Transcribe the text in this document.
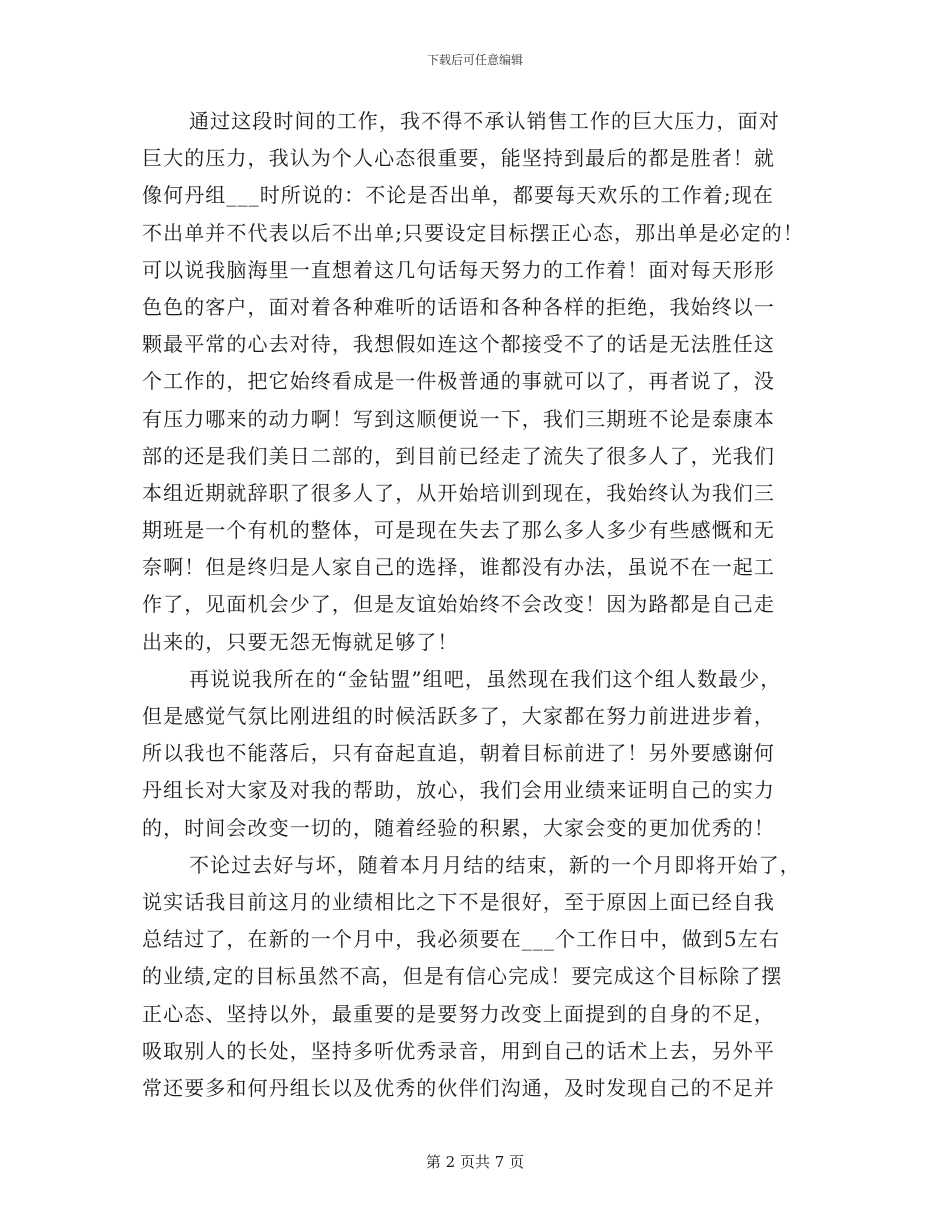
下载后可任意编辑
通过这段时间的工作，我不得不承认销售工作的巨大压力，面对
巨大的压力，我认为个人心态很重要，能坚持到最后的都是胜者！就
像何丹组___时所说的：不论是否出单，都要每天欢乐的工作着;现在
不出单并不代表以后不出单;只要设定目标摆正心态，那出单是必定的！
可以说我脑海里一直想着这几句话每天努力的工作着！面对每天形形
色色的客户，面对着各种难听的话语和各种各样的拒绝，我始终以一
颗最平常的心去对待，我想假如连这个都接受不了的话是无法胜任这
个工作的，把它始终看成是一件极普通的事就可以了，再者说了，没
有压力哪来的动力啊！写到这顺便说一下，我们三期班不论是泰康本
部的还是我们美日二部的，到目前已经走了流失了很多人了，光我们
本组近期就辞职了很多人了，从开始培训到现在，我始终认为我们三
期班是一个有机的整体，可是现在失去了那么多人多少有些感慨和无
奈啊！但是终归是人家自己的选择，谁都没有办法，虽说不在一起工
作了，见面机会少了，但是友谊始始终不会改变！因为路都是自己走
出来的，只要无怨无悔就足够了！
再说说我所在的“金钻盟”组吧，虽然现在我们这个组人数最少，
但是感觉气氛比刚进组的时候活跃多了，大家都在努力前进进步着，
所以我也不能落后，只有奋起直追，朝着目标前进了！另外要感谢何
丹组长对大家及对我的帮助，放心，我们会用业绩来证明自己的实力
的，时间会改变一切的，随着经验的积累，大家会变的更加优秀的！
不论过去好与坏，随着本月月结的结束，新的一个月即将开始了，
说实话我目前这月的业绩相比之下不是很好，至于原因上面已经自我
总结过了，在新的一个月中，我必须要在___个工作日中，做到5左右
的业绩,定的目标虽然不高，但是有信心完成！要完成这个目标除了摆
正心态、坚持以外，最重要的是要努力改变上面提到的自身的不足，
吸取别人的长处，坚持多听优秀录音，用到自己的话术上去，另外平
常还要多和何丹组长以及优秀的伙伴们沟通，及时发现自己的不足并
第 2 页共 7 页
